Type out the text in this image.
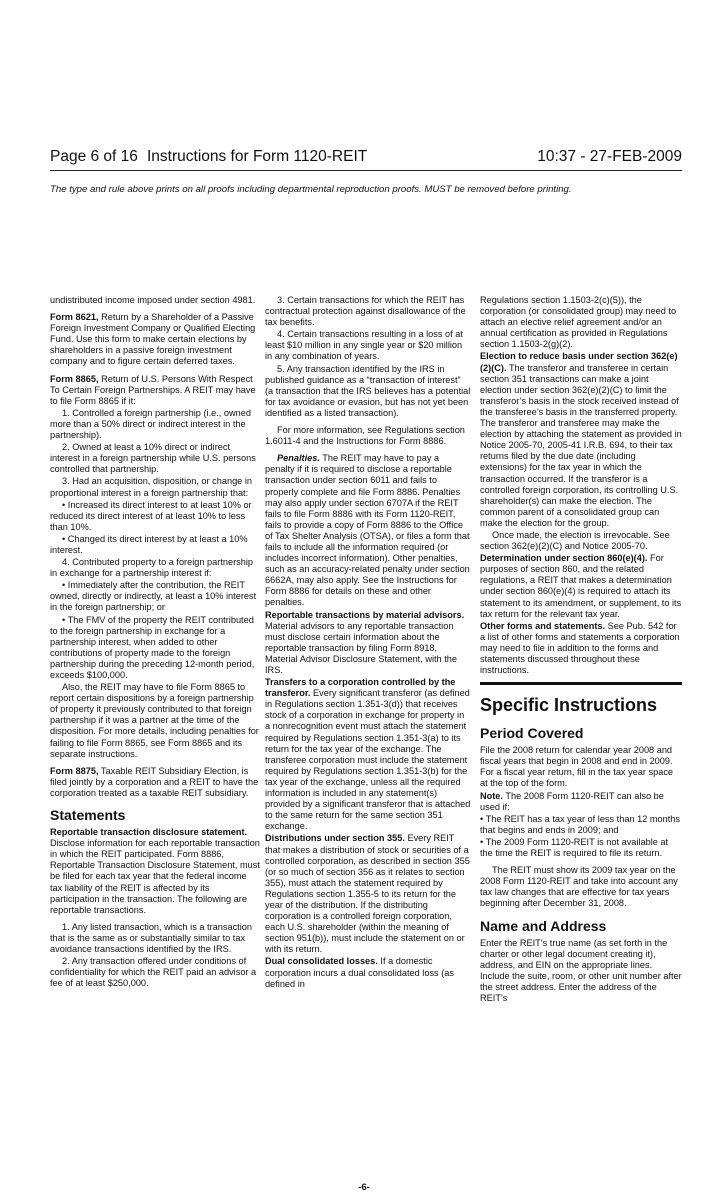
Page 6 of 16 Instructions for Form 1120-REIT	10:37 - 27-FEB-2009
The type and rule above prints on all proofs including departmental reproduction proofs. MUST be removed before printing.

undistributed income imposed under section 4981.

Form 8621, Return by a Shareholder of a Passive Foreign Investment Company or Qualified Electing Fund. Use this form to make certain elections by shareholders in a passive foreign investment company and to figure certain deferred taxes.

Form 8865, Return of U.S. Persons With Respect To Certain Foreign Partnerships. A REIT may have to file Form 8865 if it:

1. Controlled a foreign partnership (i.e., owned more than a 50% direct or indirect interest in the partnership).

2. Owned at least a 10% direct or indirect interest in a foreign partnership while U.S. persons controlled that partnership.

3. Had an acquisition, disposition, or change in proportional interest in a foreign partnership that:

• Increased its direct interest to at least 10% or reduced its direct interest of at least 10% to less than 10%.

• Changed its direct interest by at least a 10% interest.

4. Contributed property to a foreign partnership in exchange for a partnership interest if:

• Immediately after the contribution, the REIT owned, directly or indirectly, at least a 10% interest in the foreign partnership; or

• The FMV of the property the REIT contributed to the foreign partnership in exchange for a partnership interest, when added to other contributions of property made to the foreign partnership during the preceding 12-month period, exceeds $100,000.

Also, the REIT may have to file Form 8865 to report certain dispositions by a foreign partnership of property it previously contributed to that foreign partnership if it was a partner at the time of the disposition. For more details, including penalties for failing to file Form 8865, see Form 8865 and its separate instructions.

Form 8875, Taxable REIT Subsidiary Election, is filed jointly by a corporation and a REIT to have the corporation treated as a taxable REIT subsidiary.

Statements

Reportable transaction disclosure statement. Disclose information for each reportable transaction in which the REIT participated. Form 8886, Reportable Transaction Disclosure Statement, must be filed for each tax year that the federal income tax liability of the REIT is affected by its participation in the transaction. The following are reportable transactions.

1. Any listed transaction, which is a transaction that is the same as or substantially similar to tax avoidance transactions identified by the IRS.

2. Any transaction offered under conditions of confidentiality for which the REIT paid an advisor a fee of at least $250,000.

3. Certain transactions for which the REIT has contractual protection against disallowance of the tax benefits.

4. Certain transactions resulting in a loss of at least $10 million in any single year or $20 million in any combination of years.

5. Any transaction identified by the IRS in published guidance as a “transaction of interest” (a transaction that the IRS believes has a potential for tax avoidance or evasion, but has not yet been identified as a listed transaction).

For more information, see Regulations section 1.6011-4 and the Instructions for Form 8886.

Penalties. The REIT may have to pay a penalty if it is required to disclose a reportable transaction under section 6011 and fails to properly complete and file Form 8886. Penalties may also apply under section 6707A if the REIT fails to file Form 8886 with its Form 1120-REIT, fails to provide a copy of Form 8886 to the Office of Tax Shelter Analysis (OTSA), or files a form that fails to include all the information required (or includes incorrect information). Other penalties, such as an accuracy-related penalty under section 6662A, may also apply. See the Instructions for Form 8886 for details on these and other penalties.

Reportable transactions by material advisors. Material advisors to any reportable transaction must disclose certain information about the reportable transaction by filing Form 8918, Material Advisor Disclosure Statement, with the IRS.

Transfers to a corporation controlled by the transferor. Every significant transferor (as defined in Regulations section 1.351-3(d)) that receives stock of a corporation in exchange for property in a nonrecognition event must attach the statement required by Regulations section 1.351-3(a) to its return for the tax year of the exchange. The transferee corporation must include the statement required by Regulations section 1.351-3(b) for the tax year of the exchange, unless all the required information is included in any statement(s) provided by a significant transferor that is attached to the same return for the same section 351 exchange.

Distributions under section 355. Every REIT that makes a distribution of stock or securities of a controlled corporation, as described in section 355 (or so much of section 356 as it relates to section 355), must attach the statement required by Regulations section 1.355-5 to its return for the year of the distribution. If the distributing corporation is a controlled foreign corporation, each U.S. shareholder (within the meaning of section 951(b)), must include the statement on or with its return.

Dual consolidated losses. If a domestic corporation incurs a dual consolidated loss (as defined in

Regulations section 1.1503-2(c)(5)), the corporation (or consolidated group) may need to attach an elective relief agreement and/or an annual certification as provided in Regulations section 1.1503-2(g)(2).

Election to reduce basis under section 362(e)(2)(C). The transferor and transferee in certain section 351 transactions can make a joint election under section 362(e)(2)(C) to limit the transferor’s basis in the stock received instead of the transferee’s basis in the transferred property. The transferor and transferee may make the election by attaching the statement as provided in Notice 2005-70, 2005-41 I.R.B. 694, to their tax returns filed by the due date (including extensions) for the tax year in which the transaction occurred. If the transferor is a controlled foreign corporation, its controlling U.S. shareholder(s) can make the election. The common parent of a consolidated group can make the election for the group.

Once made, the election is irrevocable. See section 362(e)(2)(C) and Notice 2005-70.

Determination under section 860(e)(4). For purposes of section 860, and the related regulations, a REIT that makes a determination under section 860(e)(4) is required to attach its statement to its amendment, or supplement, to its tax return for the relevant tax year.

Other forms and statements. See Pub. 542 for a list of other forms and statements a corporation may need to file in addition to the forms and statements discussed throughout these instructions.

Specific Instructions

Period Covered

File the 2008 return for calendar year 2008 and fiscal years that begin in 2008 and end in 2009. For a fiscal year return, fill in the tax year space at the top of the form.

Note. The 2008 Form 1120-REIT can also be used if:

• The REIT has a tax year of less than 12 months that begins and ends in 2009; and

• The 2009 Form 1120-REIT is not available at the time the REIT is required to file its return.

The REIT must show its 2009 tax year on the 2008 Form 1120-REIT and take into account any tax law changes that are effective for tax years beginning after December 31, 2008.

Name and Address

Enter the REIT’s true name (as set forth in the charter or other legal document creating it), address, and EIN on the appropriate lines. Include the suite, room, or other unit number after the street address. Enter the address of the REIT’s

-6-
